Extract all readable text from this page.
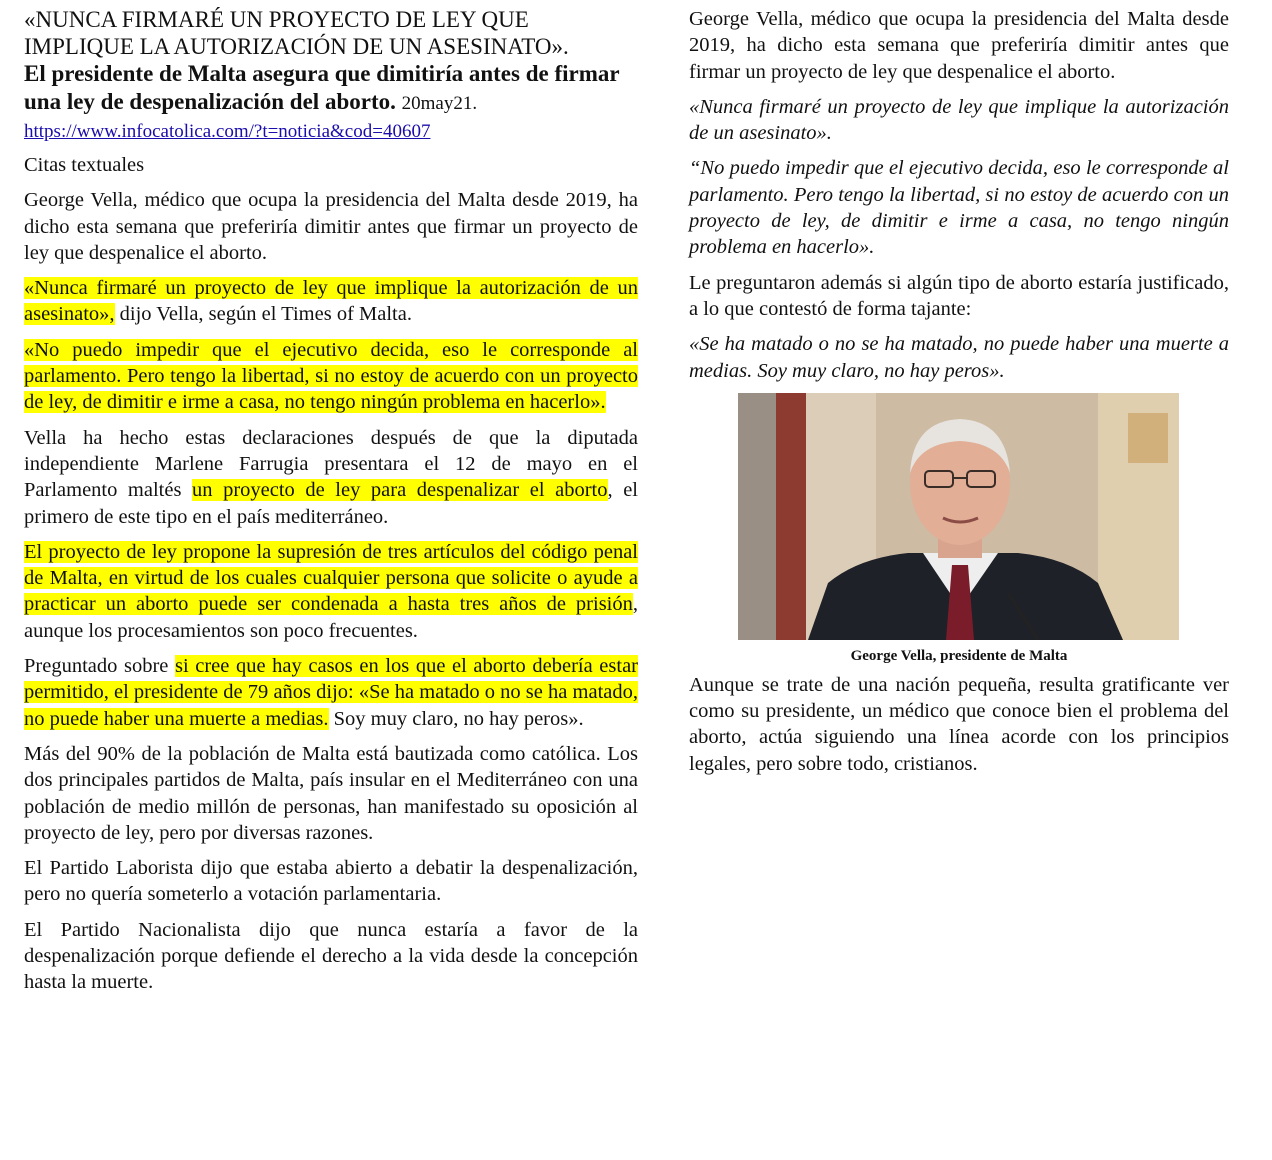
«NUNCA FIRMARÉ UN PROYECTO DE LEY QUE IMPLIQUE LA AUTORIZACIÓN DE UN ASESINATO».

El presidente de Malta asegura que dimitiría antes de firmar una ley de despenalización del aborto. 20may21.

https://www.infocatolica.com/?t=noticia&cod=40607

Citas textuales

George Vella, médico que ocupa la presidencia del Malta desde 2019, ha dicho esta semana que preferiría dimitir antes que firmar un proyecto de ley que despenalice el aborto.

«Nunca firmaré un proyecto de ley que implique la autorización de un asesinato», dijo Vella, según el Times of Malta.

«No puedo impedir que el ejecutivo decida, eso le corresponde al parlamento. Pero tengo la libertad, si no estoy de acuerdo con un proyecto de ley, de dimitir e irme a casa, no tengo ningún problema en hacerlo».

Vella ha hecho estas declaraciones después de que la diputada independiente Marlene Farrugia presentara el 12 de mayo en el Parlamento maltés un proyecto de ley para despenalizar el aborto, el primero de este tipo en el país mediterráneo.

El proyecto de ley propone la supresión de tres artículos del código penal de Malta, en virtud de los cuales cualquier persona que solicite o ayude a practicar un aborto puede ser condenada a hasta tres años de prisión, aunque los procesamientos son poco frecuentes.

Preguntado sobre si cree que hay casos en los que el aborto debería estar permitido, el presidente de 79 años dijo: «Se ha matado o no se ha matado, no puede haber una muerte a medias. Soy muy claro, no hay peros».

Más del 90% de la población de Malta está bautizada como católica. Los dos principales partidos de Malta, país insular en el Mediterráneo con una población de medio millón de personas, han manifestado su oposición al proyecto de ley, pero por diversas razones.

El Partido Laborista dijo que estaba abierto a debatir la despenalización, pero no quería someterlo a votación parlamentaria.

El Partido Nacionalista dijo que nunca estaría a favor de la despenalización porque defiende el derecho a la vida desde la concepción hasta la muerte.

George Vella, médico que ocupa la presidencia del Malta desde 2019, ha dicho esta semana que preferiría dimitir antes que firmar un proyecto de ley que despenalice el aborto.

«Nunca firmaré un proyecto de ley que implique la autorización de un asesinato».

“No puedo impedir que el ejecutivo decida, eso le corresponde al parlamento. Pero tengo la libertad, si no estoy de acuerdo con un proyecto de ley, de dimitir e irme a casa, no tengo ningún problema en hacerlo».

Le preguntaron además si algún tipo de aborto estaría justificado, a lo que contestó de forma tajante:

«Se ha matado o no se ha matado, no puede haber una muerte a medias. Soy muy claro, no hay peros».

George Vella, presidente de Malta

Aunque se trate de una nación pequeña, resulta gratificante ver como su presidente, un médico que conoce bien el problema del aborto, actúa siguiendo una línea acorde con los principios legales, pero sobre todo, cristianos.
